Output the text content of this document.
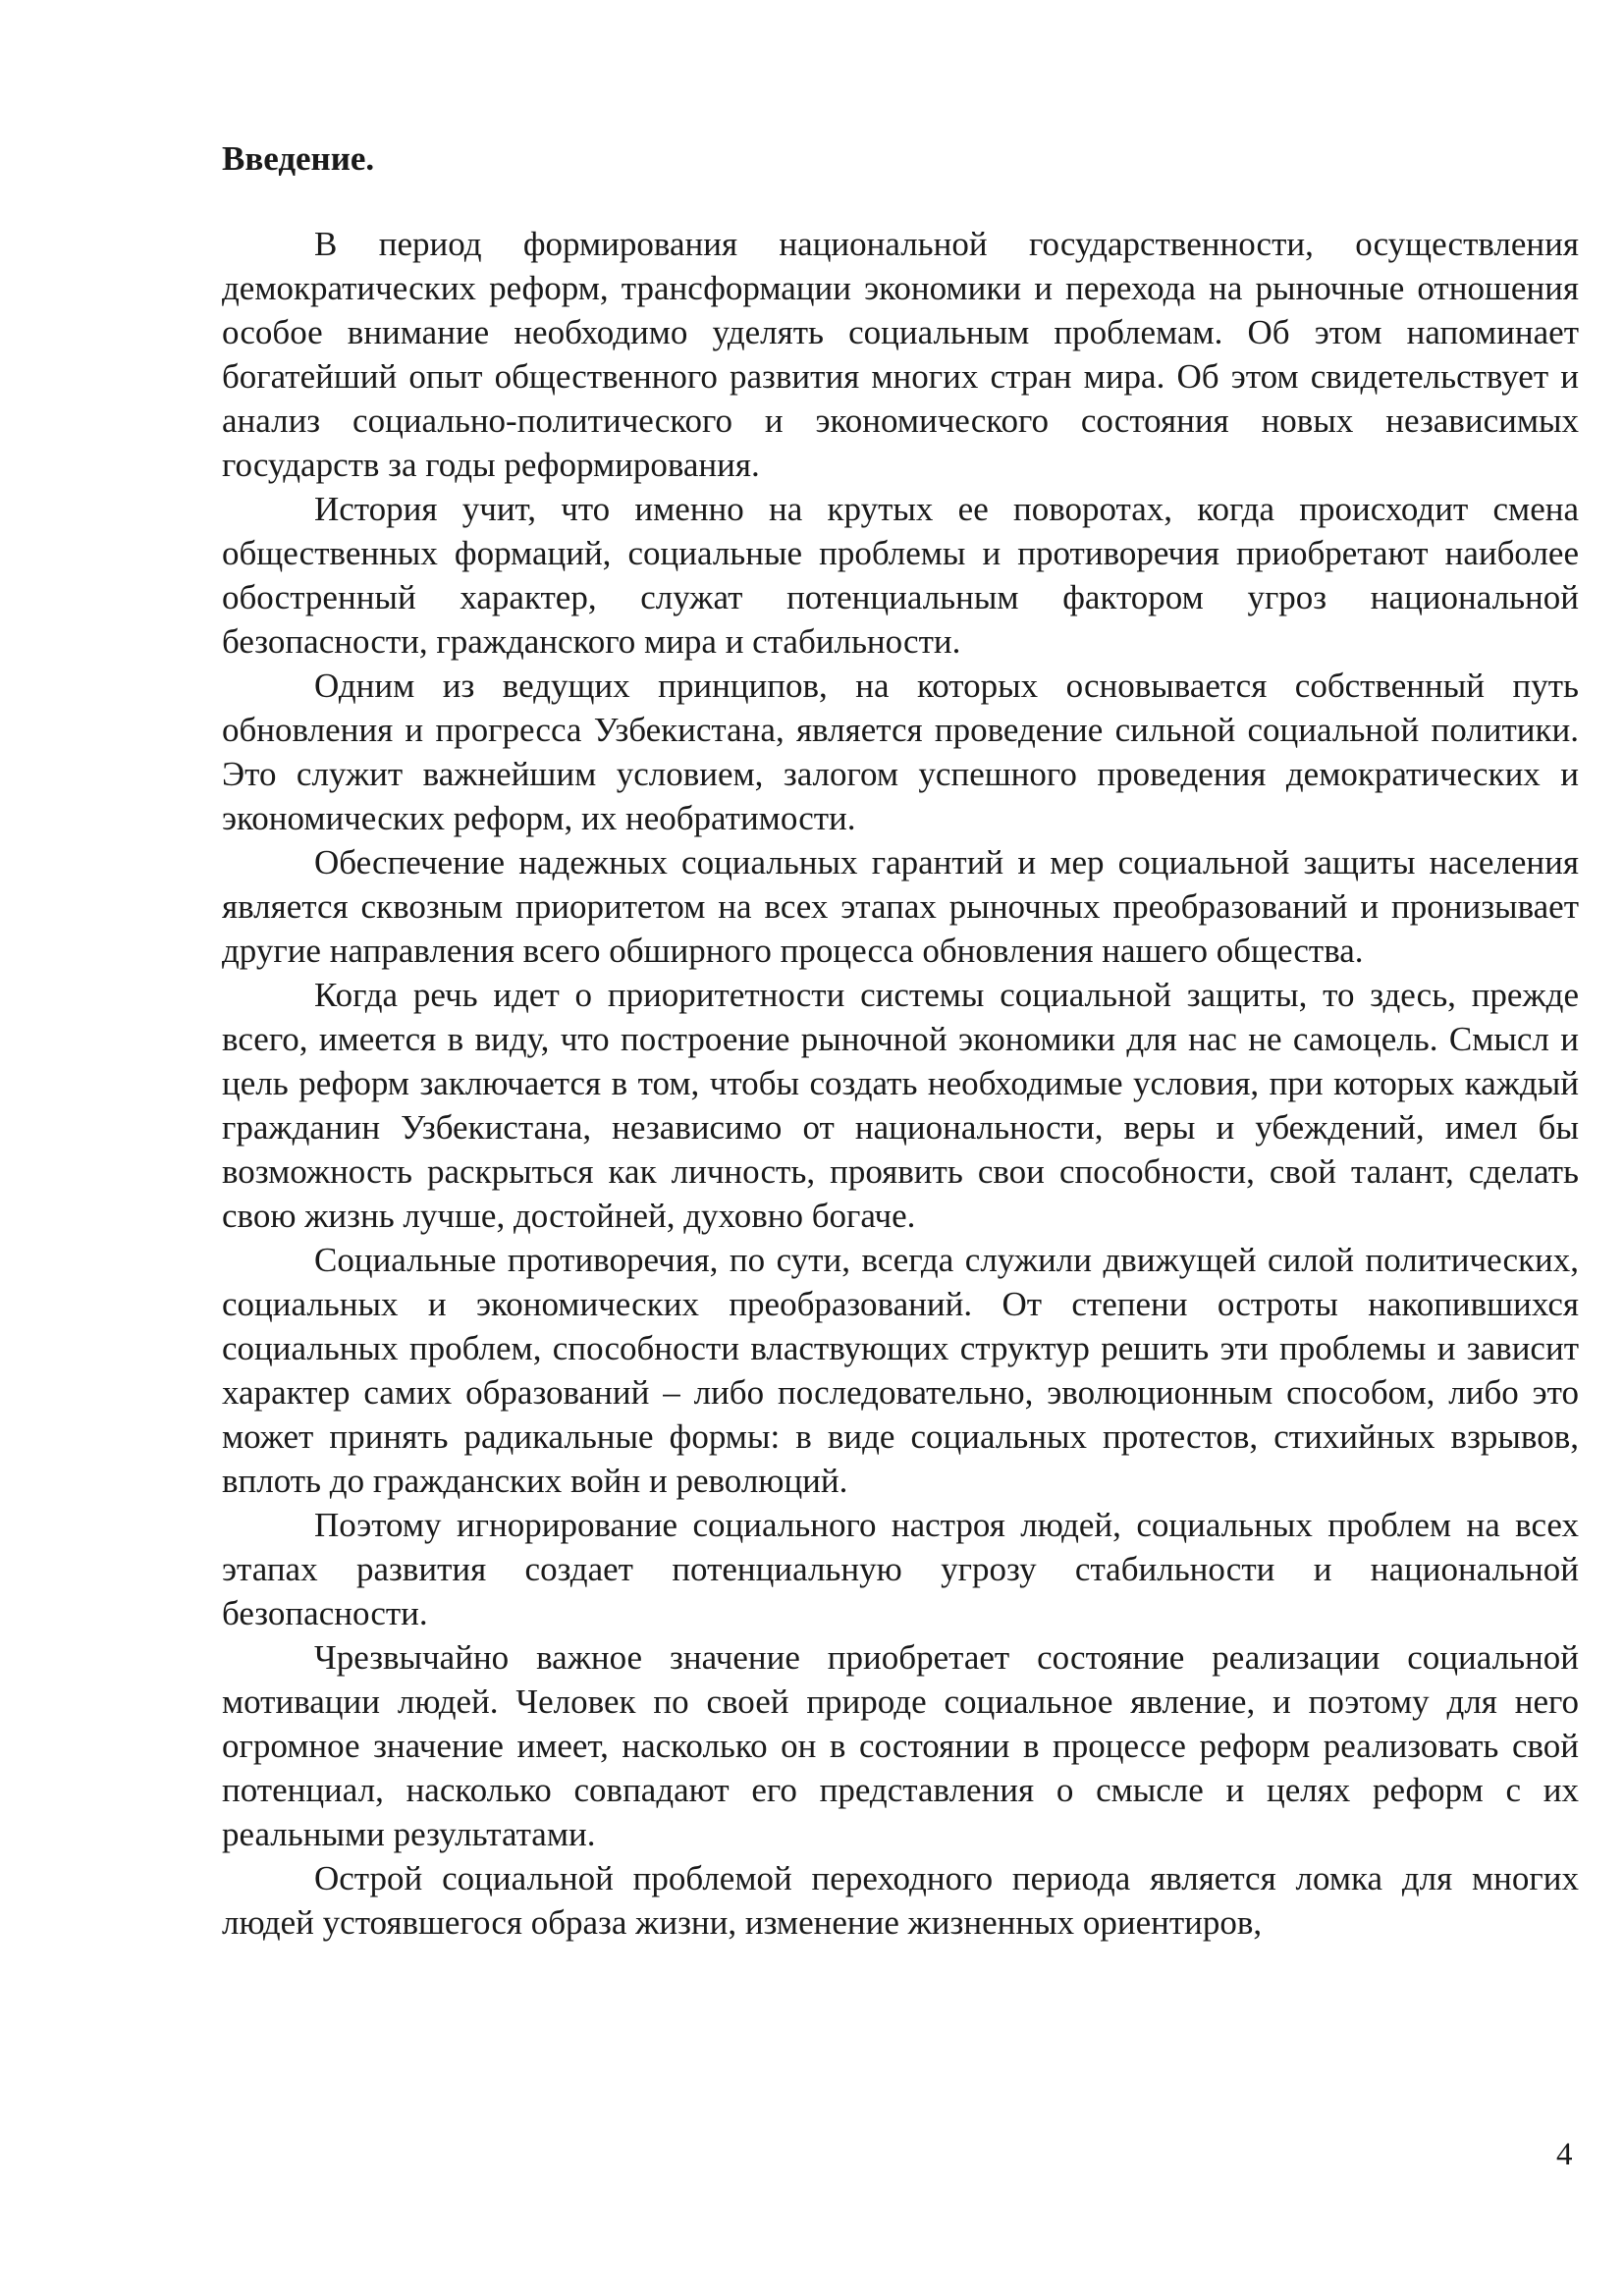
Введение.

В период формирования национальной государственности, осуществления демократических реформ, трансформации экономики и перехода на рыночные отношения особое внимание необходимо уделять социальным проблемам. Об этом напоминает богатейший опыт общественного развития многих стран мира. Об этом свидетельствует и анализ социально-политического и экономического состояния новых независимых государств за годы реформирования.

История учит, что именно на крутых ее поворотах, когда происходит смена общественных формаций, социальные проблемы и противоречия приобретают наиболее обостренный характер, служат потенциальным фактором угроз национальной безопасности, гражданского мира и стабильности.

Одним из ведущих принципов, на которых основывается собственный путь обновления и прогресса Узбекистана, является проведение сильной социальной политики. Это служит важнейшим условием, залогом успешного проведения демократических и экономических реформ, их необратимости.

Обеспечение надежных социальных гарантий и мер социальной защиты населения является сквозным приоритетом на всех этапах рыночных преобразований и пронизывает другие направления всего обширного процесса обновления нашего общества.

Когда речь идет о приоритетности системы социальной защиты, то здесь, прежде всего, имеется в виду, что построение рыночной экономики для нас не самоцель. Смысл и цель реформ заключается в том, чтобы создать необходимые условия, при которых каждый гражданин Узбекистана, независимо от национальности, веры и убеждений, имел бы возможность раскрыться как личность, проявить свои способности, свой талант, сделать свою жизнь лучше, достойней, духовно богаче.

Социальные противоречия, по сути, всегда служили движущей силой политических, социальных и экономических преобразований. От степени остроты накопившихся социальных проблем, способности властвующих структур решить эти проблемы и зависит характер самих образований – либо последовательно, эволюционным способом, либо это может принять радикальные формы: в виде социальных протестов, стихийных взрывов, вплоть до гражданских войн и революций.

Поэтому игнорирование социального настроя людей, социальных проблем на всех этапах развития создает потенциальную угрозу стабильности и национальной безопасности.

Чрезвычайно важное значение приобретает состояние реализации социальной мотивации людей. Человек по своей природе социальное явление, и поэтому для него огромное значение имеет, насколько он в состоянии в процессе реформ реализовать свой потенциал, насколько совпадают его представления о смысле и целях реформ с их реальными результатами.

Острой социальной проблемой переходного периода является ломка для многих людей устоявшегося образа жизни, изменение жизненных ориентиров,

4
